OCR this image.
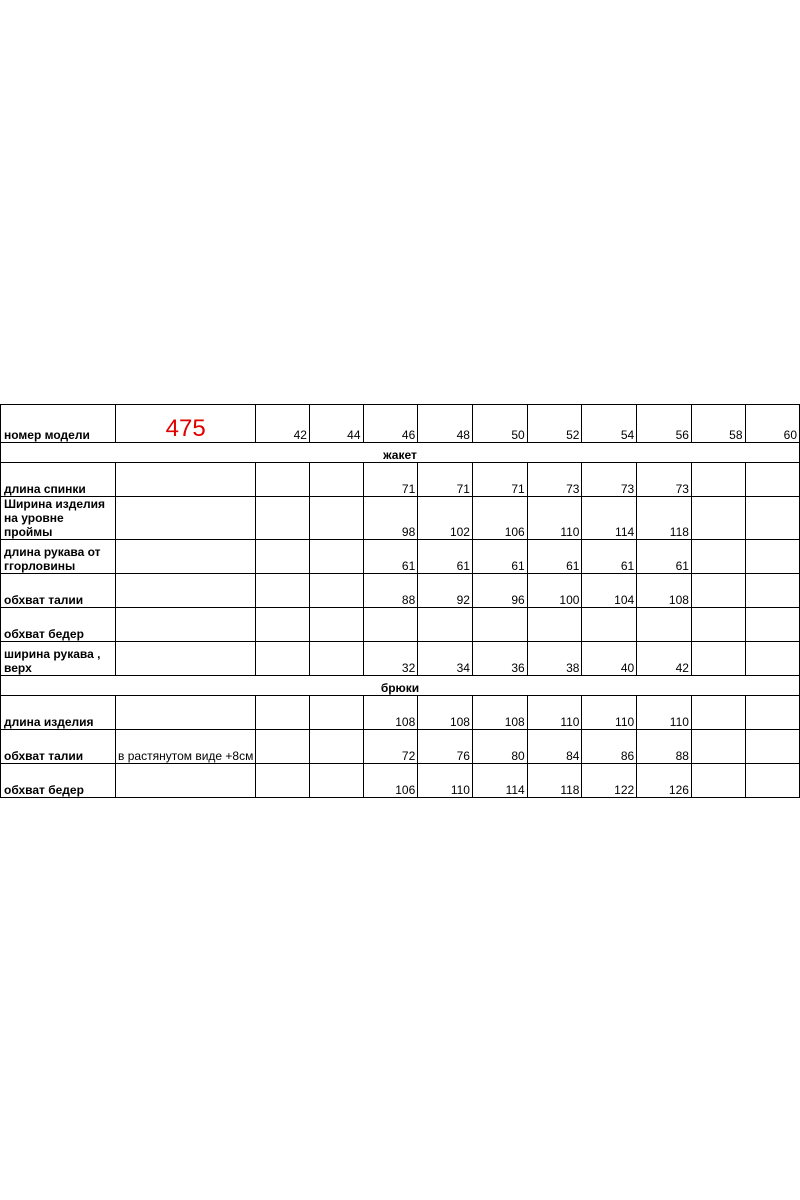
номер модели	475	42	44	46	48	50	52	54	56	58	60
жакет											
длина спинки				71	71	71	73	73	73		
Ширина изделия на уровне проймы				98	102	106	110	114	118		
длина рукава от ггорловины				61	61	61	61	61	61		
обхват талии				88	92	96	100	104	108		
обхват бедер											
ширина рукава , верх				32	34	36	38	40	42		
брюки											
длина изделия				108	108	108	110	110	110		
обхват талии	в растянутом виде +8см			72	76	80	84	86	88		
обхват бедер				106	110	114	118	122	126		
